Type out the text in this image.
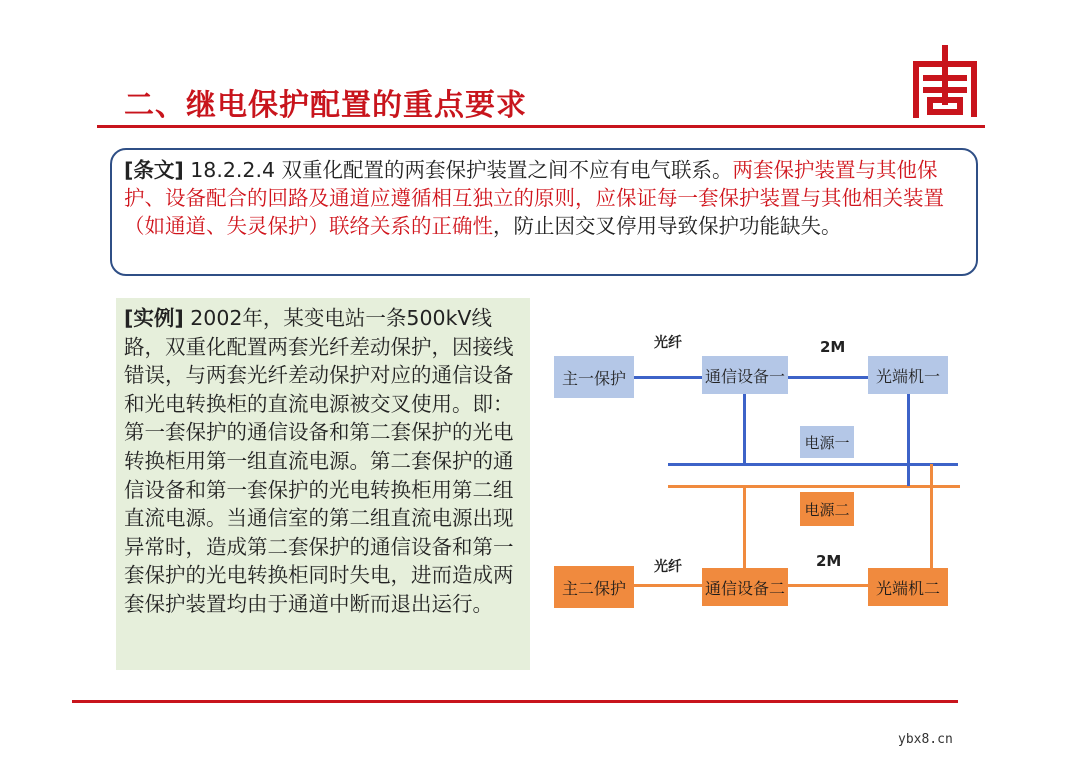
二、继电保护配置的重点要求
[条文] 18.2.2.4 双重化配置的两套保护装置之间不应有电气联系。两套保护装置与其他保护、设备配合的回路及通道应遵循相互独立的原则，应保证每一套保护装置与其他相关装置（如通道、失灵保护）联络关系的正确性，防止因交叉停用导致保护功能缺失。
[实例] 2002年，某变电站一条500kV线路，双重化配置两套光纤差动保护，因接线错误，与两套光纤差动保护对应的通信设备和光电转换柜的直流电源被交叉使用。即：第一套保护的通信设备和第二套保护的光电转换柜用第一组直流电源。第二套保护的通信设备和第一套保护的光电转换柜用第二组直流电源。当通信室的第二组直流电源出现异常时，造成第二套保护的通信设备和第一套保护的光电转换柜同时失电，进而造成两套保护装置均由于通道中断而退出运行。
光纤	2M
光纤	2M
主一保护	通信设备一	光端机一
电源一
电源二
主二保护	通信设备二	光端机二
ybx8.cn
